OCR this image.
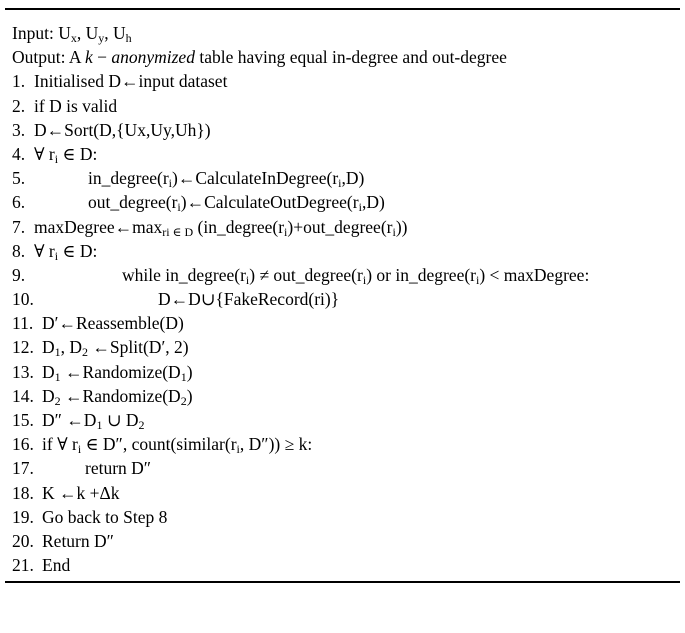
Input: $U_x$, $U_y$, $U_h$
Output: A k − anonymized table having equal in-degree and out-degree
1. Initialised D←input dataset
2. if D is valid
3. D←Sort(D,{Ux,Uy,Uh})
4. ∀ $r_i$ ∈ D:
5.	$in\_degree(r_i)\leftarrow CalculateInDegree(r_i,D)$
6.	$out\_degree(r_i)\leftarrow CalculateOutDegree(r_i,D)$
7. $maxDegree\leftarrow\max_{ri \in D}$ $(in\_degree(r_i)+out\_degree(r_i))$
8. ∀ $r_i$ ∈ D:
9.	while $in\_degree(r_i)$ ≠ $out\_degree(r_i)$ or $in\_degree(r_i)$ < maxDegree:
10.	D←D∪{FakeRecord(ri)}
11. D′←Reassemble(D)
12. $D_1$, $D_2$ ←Split(D′, 2)
13. $D_1$ $\leftarrow Randomize(D_1)$
14. $D_2$ $\leftarrow Randomize(D_2)$
15. D″ $\leftarrow D_1$ ∪ $D_2$
16. if ∀ $r_i$ ∈ D″, $count(similar(r_i$, D″)) ≥ k:
17.	return D″
18. K ←k +Δk
19. Go back to Step 8
20. Return D″
21. End
